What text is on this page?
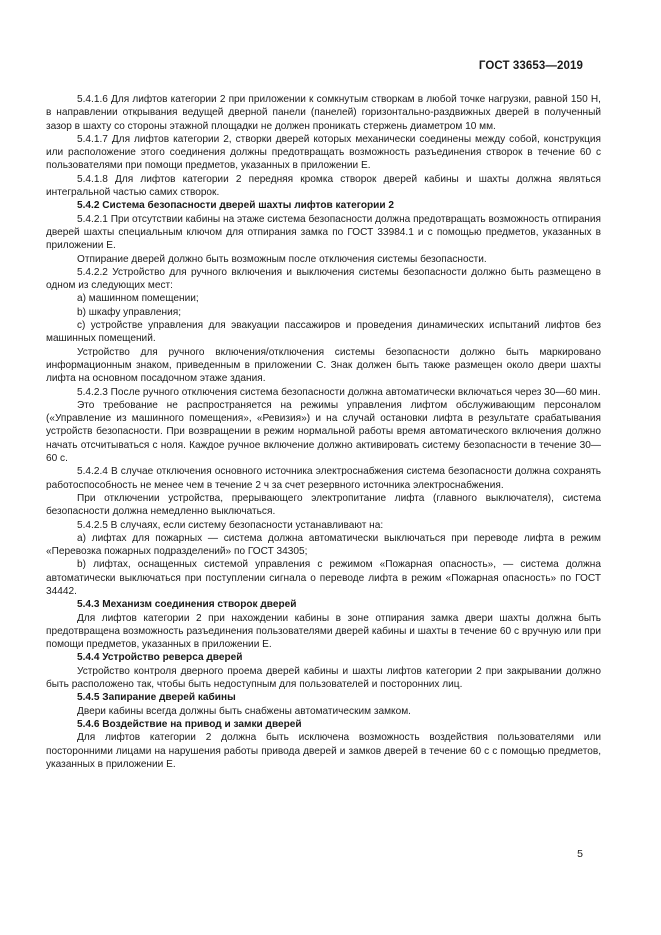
ГОСТ 33653—2019

5.4.1.6 Для лифтов категории 2 при приложении к сомкнутым створкам в любой точке нагрузки, равной 150 Н, в направлении открывания ведущей дверной панели (панелей) горизонтально-раздвижных дверей в полученный зазор в шахту со стороны этажной площадки не должен проникать стержень диаметром 10 мм.

5.4.1.7 Для лифтов категории 2, створки дверей которых механически соединены между собой, конструкция или расположение этого соединения должны предотвращать возможность разъединения створок в течение 60 с пользователями при помощи предметов, указанных в приложении Е.

5.4.1.8 Для лифтов категории 2 передняя кромка створок дверей кабины и шахты должна являться интегральной частью самих створок.

5.4.2 Система безопасности дверей шахты лифтов категории 2

5.4.2.1 При отсутствии кабины на этаже система безопасности должна предотвращать возможность отпирания дверей шахты специальным ключом для отпирания замка по ГОСТ 33984.1 и с помощью предметов, указанных в приложении Е.

Отпирание дверей должно быть возможным после отключения системы безопасности.

5.4.2.2 Устройство для ручного включения и выключения системы безопасности должно быть размещено в одном из следующих мест:

a) машинном помещении;

b) шкафу управления;

c) устройстве управления для эвакуации пассажиров и проведения динамических испытаний лифтов без машинных помещений.

Устройство для ручного включения/отключения системы безопасности должно быть маркировано информационным знаком, приведенным в приложении С. Знак должен быть также размещен около двери шахты лифта на основном посадочном этаже здания.

5.4.2.3 После ручного отключения система безопасности должна автоматически включаться через 30—60 мин.

Это требование не распространяется на режимы управления лифтом обслуживающим персоналом («Управление из машинного помещения», «Ревизия») и на случай остановки лифта в результате срабатывания устройств безопасности. При возвращении в режим нормальной работы время автоматического включения должно начать отсчитываться с ноля. Каждое ручное включение должно активировать систему безопасности в течение 30—60 с.

5.4.2.4 В случае отключения основного источника электроснабжения система безопасности должна сохранять работоспособность не менее чем в течение 2 ч за счет резервного источника электроснабжения.

При отключении устройства, прерывающего электропитание лифта (главного выключателя), система безопасности должна немедленно выключаться.

5.4.2.5 В случаях, если систему безопасности устанавливают на:

a) лифтах для пожарных — система должна автоматически выключаться при переводе лифта в режим «Перевозка пожарных подразделений» по ГОСТ 34305;

b) лифтах, оснащенных системой управления с режимом «Пожарная опасность», — система должна автоматически выключаться при поступлении сигнала о переводе лифта в режим «Пожарная опасность» по ГОСТ 34442.

5.4.3 Механизм соединения створок дверей

Для лифтов категории 2 при нахождении кабины в зоне отпирания замка двери шахты должна быть предотвращена возможность разъединения пользователями дверей кабины и шахты в течение 60 с вручную или при помощи предметов, указанных в приложении Е.

5.4.4 Устройство реверса дверей

Устройство контроля дверного проема дверей кабины и шахты лифтов категории 2 при закрывании должно быть расположено так, чтобы быть недоступным для пользователей и посторонних лиц.

5.4.5 Запирание дверей кабины

Двери кабины всегда должны быть снабжены автоматическим замком.

5.4.6 Воздействие на привод и замки дверей

Для лифтов категории 2 должна быть исключена возможность воздействия пользователями или посторонними лицами на нарушения работы привода дверей и замков дверей в течение 60 с с помощью предметов, указанных в приложении Е.

5
